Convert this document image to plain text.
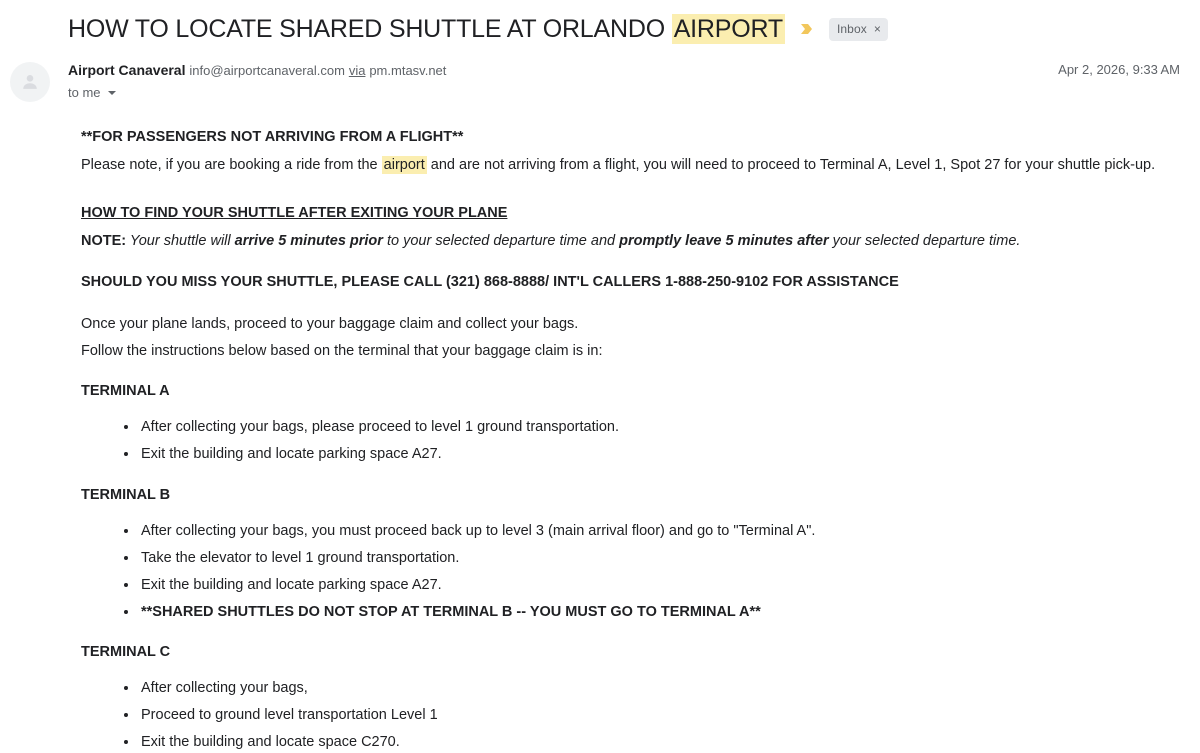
HOW TO LOCATE SHARED SHUTTLE AT ORLANDO AIRPORT	Inbox ×
Airport Canaveral info@airportcanaveral.com via pm.mtasv.net
to me
Apr 2, 2026, 9:33 AM

**FOR PASSENGERS NOT ARRIVING FROM A FLIGHT**

Please note, if you are booking a ride from the airport and are not arriving from a flight, you will need to proceed to Terminal A, Level 1, Spot 27 for your shuttle pick-up.

HOW TO FIND YOUR SHUTTLE AFTER EXITING YOUR PLANE

NOTE: Your shuttle will arrive 5 minutes prior to your selected departure time and promptly leave 5 minutes after your selected departure time.

SHOULD YOU MISS YOUR SHUTTLE, PLEASE CALL (321) 868-8888/ INT'L CALLERS 1-888-250-9102 FOR ASSISTANCE

Once your plane lands, proceed to your baggage claim and collect your bags.

Follow the instructions below based on the terminal that your baggage claim is in:

TERMINAL A

• After collecting your bags, please proceed to level 1 ground transportation.
• Exit the building and locate parking space A27.

TERMINAL B

• After collecting your bags, you must proceed back up to level 3 (main arrival floor) and go to "Terminal A".
• Take the elevator to level 1 ground transportation.
• Exit the building and locate parking space A27.
• **SHARED SHUTTLES DO NOT STOP AT TERMINAL B -- YOU MUST GO TO TERMINAL A**

TERMINAL C

• After collecting your bags,
• Proceed to ground level transportation Level 1
• Exit the building and locate space C270.
